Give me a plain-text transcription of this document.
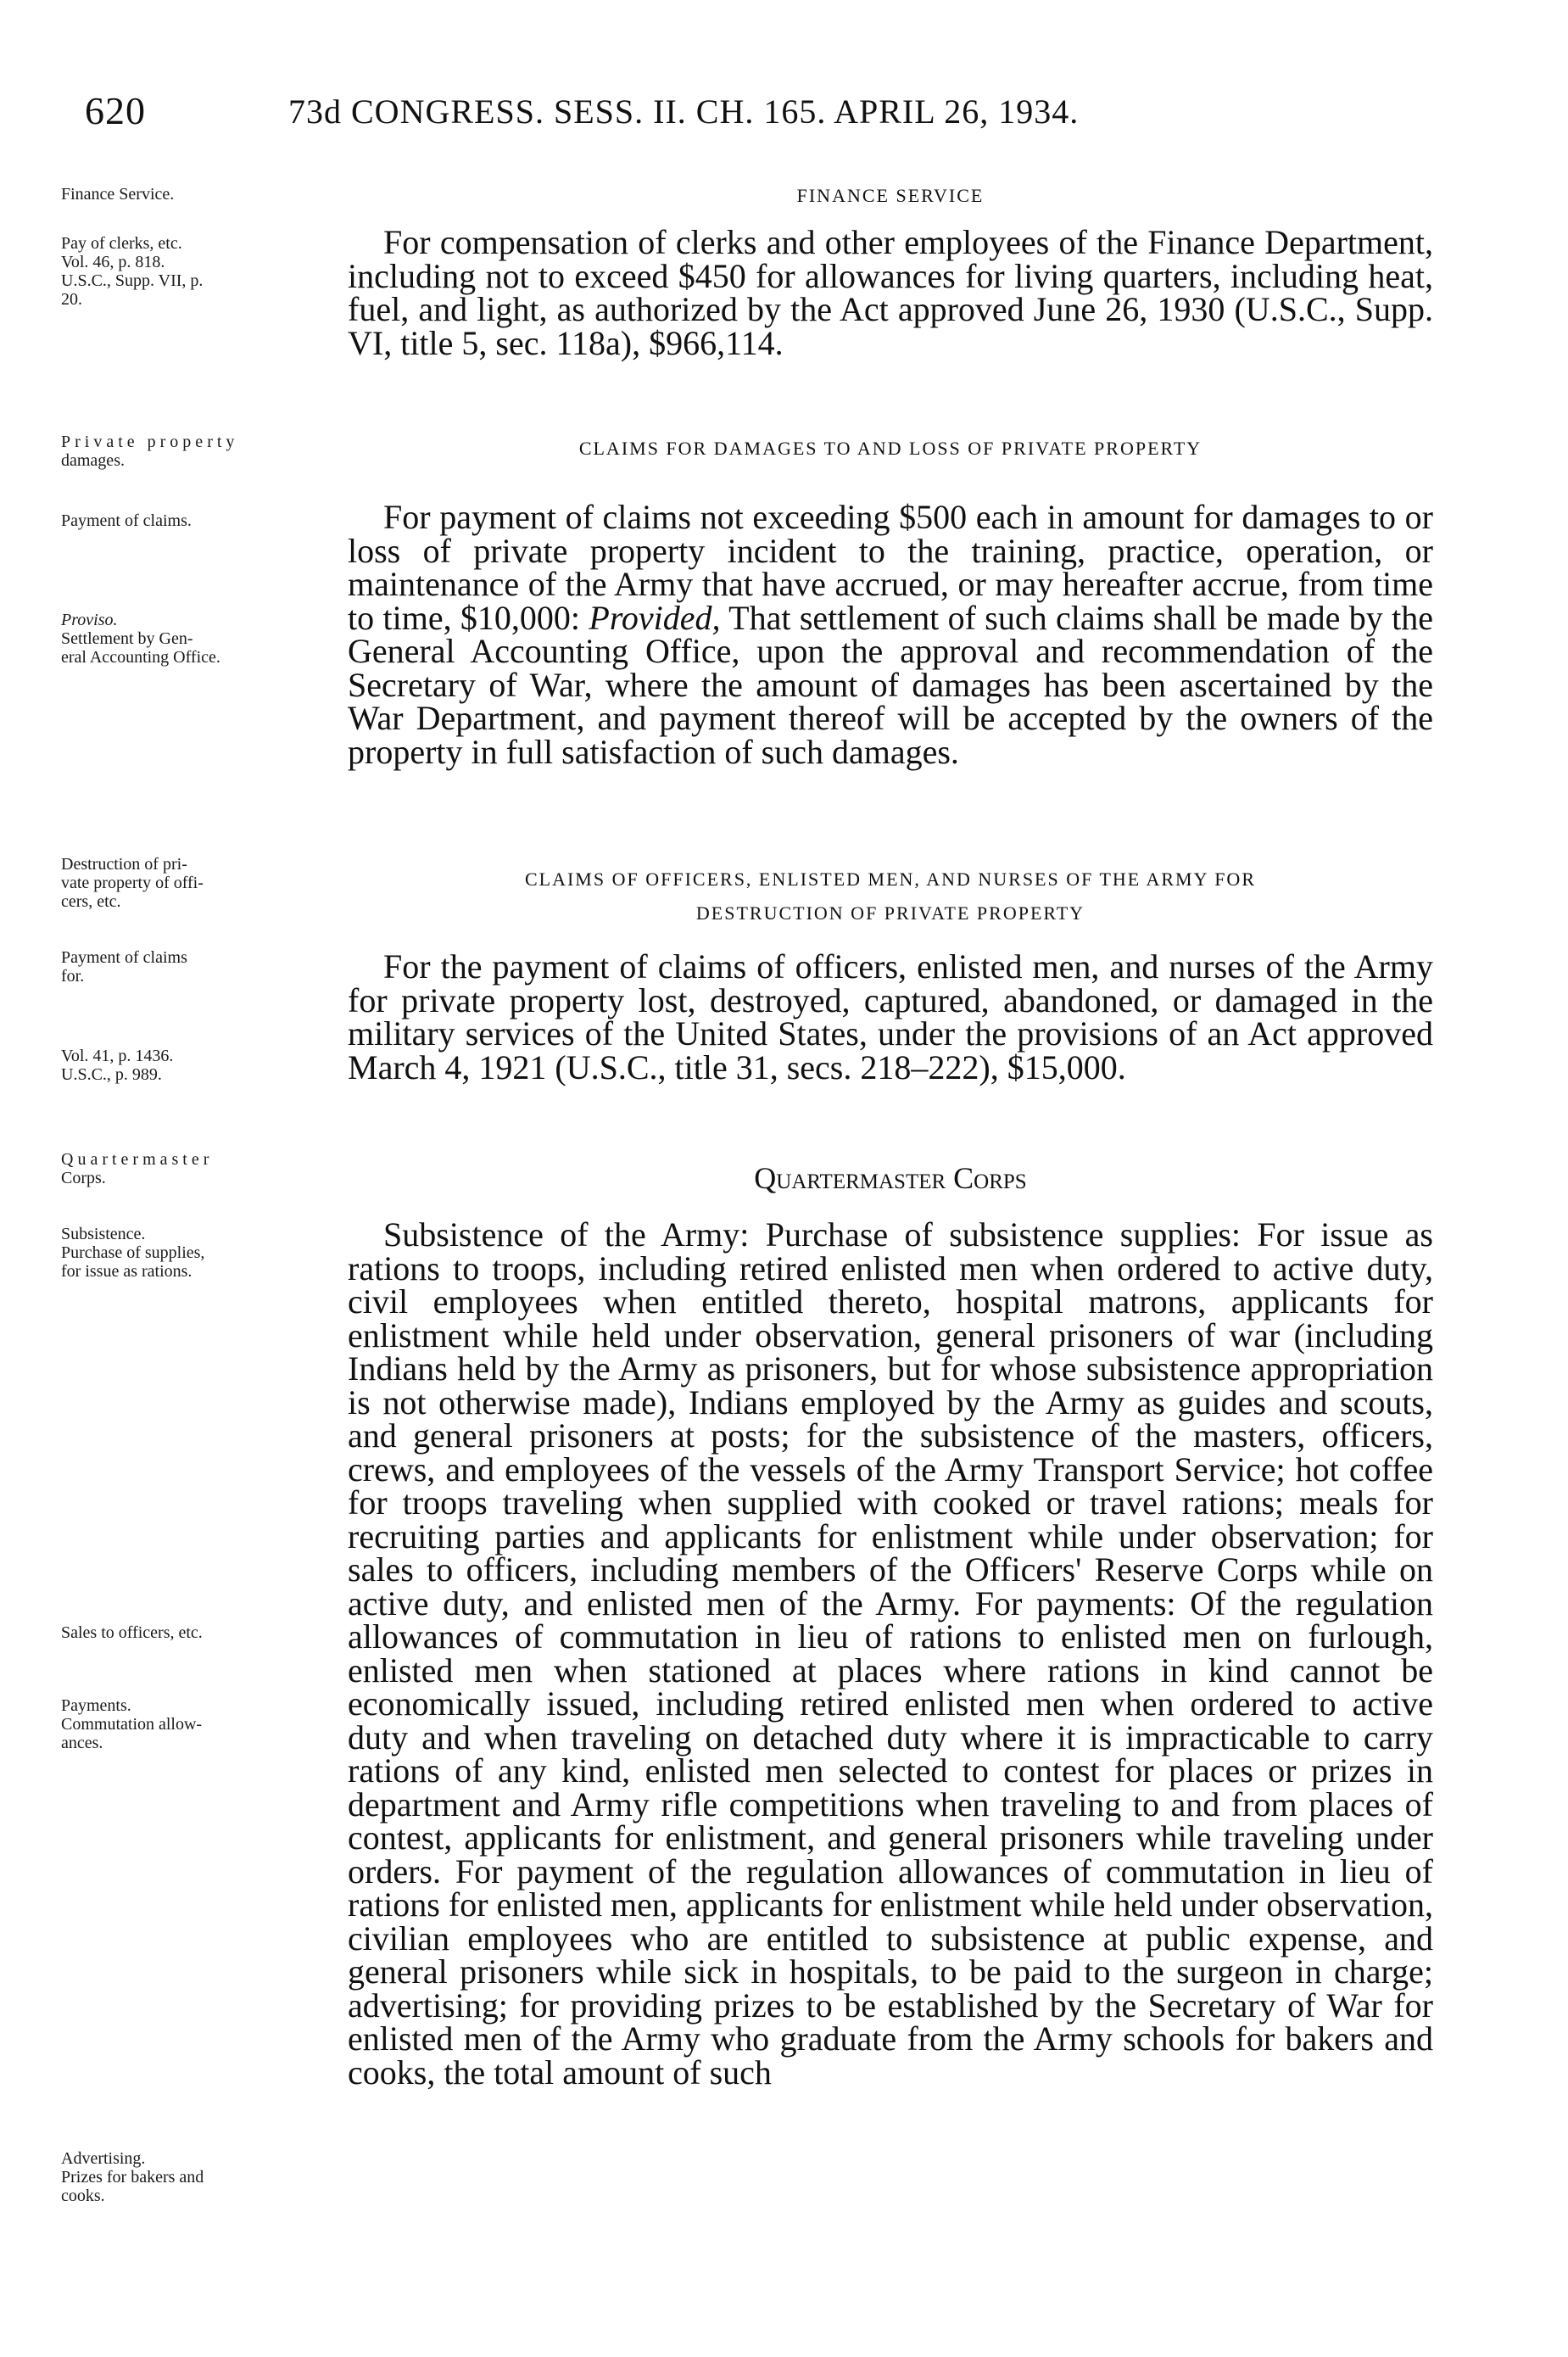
620	73d CONGRESS. SESS. II. CH. 165. APRIL 26, 1934.
Finance Service.	FINANCE SERVICE
Pay of clerks, etc.
Vol. 46, p. 818.
U.S.C., Supp. VII, p.
20.
For compensation of clerks and other employees of the Finance Department, including not to exceed $450 for allowances for living quarters, including heat, fuel, and light, as authorized by the Act approved June 26, 1930 (U.S.C., Supp. VI, title 5, sec. 118a), $966,114.
Private property
damages.
CLAIMS FOR DAMAGES TO AND LOSS OF PRIVATE PROPERTY
Payment of claims.
Proviso.
Settlement by Gen-
eral Accounting Office.
For payment of claims not exceeding $500 each in amount for damages to or loss of private property incident to the training, practice, operation, or maintenance of the Army that have accrued, or may hereafter accrue, from time to time, $10,000: Provided, That settlement of such claims shall be made by the General Accounting Office, upon the approval and recommendation of the Secretary of War, where the amount of damages has been ascertained by the War Department, and payment thereof will be accepted by the owners of the property in full satisfaction of such damages.
Destruction of pri-
vate property of offi-
cers, etc.
CLAIMS OF OFFICERS, ENLISTED MEN, AND NURSES OF THE ARMY FOR
DESTRUCTION OF PRIVATE PROPERTY
Payment of claims
for.
Vol. 41, p. 1436.
U.S.C., p. 989.
For the payment of claims of officers, enlisted men, and nurses of the Army for private property lost, destroyed, captured, abandoned, or damaged in the military services of the United States, under the provisions of an Act approved March 4, 1921 (U.S.C., title 31, secs. 218–222), $15,000.
Quartermaster
Corps.	Quartermaster Corps
Subsistence.
Purchase of supplies,
for issue as rations.
Sales to officers, etc.
Payments.
Commutation allow-
ances.
Advertising.
Prizes for bakers and
cooks.
Subsistence of the Army: Purchase of subsistence supplies: For issue as rations to troops, including retired enlisted men when ordered to active duty, civil employees when entitled thereto, hospital matrons, applicants for enlistment while held under observation, general prisoners of war (including Indians held by the Army as prisoners, but for whose subsistence appropriation is not otherwise made), Indians employed by the Army as guides and scouts, and general prisoners at posts; for the subsistence of the masters, officers, crews, and employees of the vessels of the Army Transport Service; hot coffee for troops traveling when supplied with cooked or travel rations; meals for recruiting parties and applicants for enlistment while under observation; for sales to officers, including members of the Officers' Reserve Corps while on active duty, and enlisted men of the Army. For payments: Of the regulation allowances of commutation in lieu of rations to enlisted men on furlough, enlisted men when stationed at places where rations in kind cannot be economically issued, including retired enlisted men when ordered to active duty and when traveling on detached duty where it is impracticable to carry rations of any kind, enlisted men selected to contest for places or prizes in department and Army rifle competitions when traveling to and from places of contest, applicants for enlistment, and general prisoners while traveling under orders. For payment of the regulation allowances of commutation in lieu of rations for enlisted men, applicants for enlistment while held under observation, civilian employees who are entitled to subsistence at public expense, and general prisoners while sick in hospitals, to be paid to the surgeon in charge; advertising; for providing prizes to be established by the Secretary of War for enlisted men of the Army who graduate from the Army schools for bakers and cooks, the total amount of such
